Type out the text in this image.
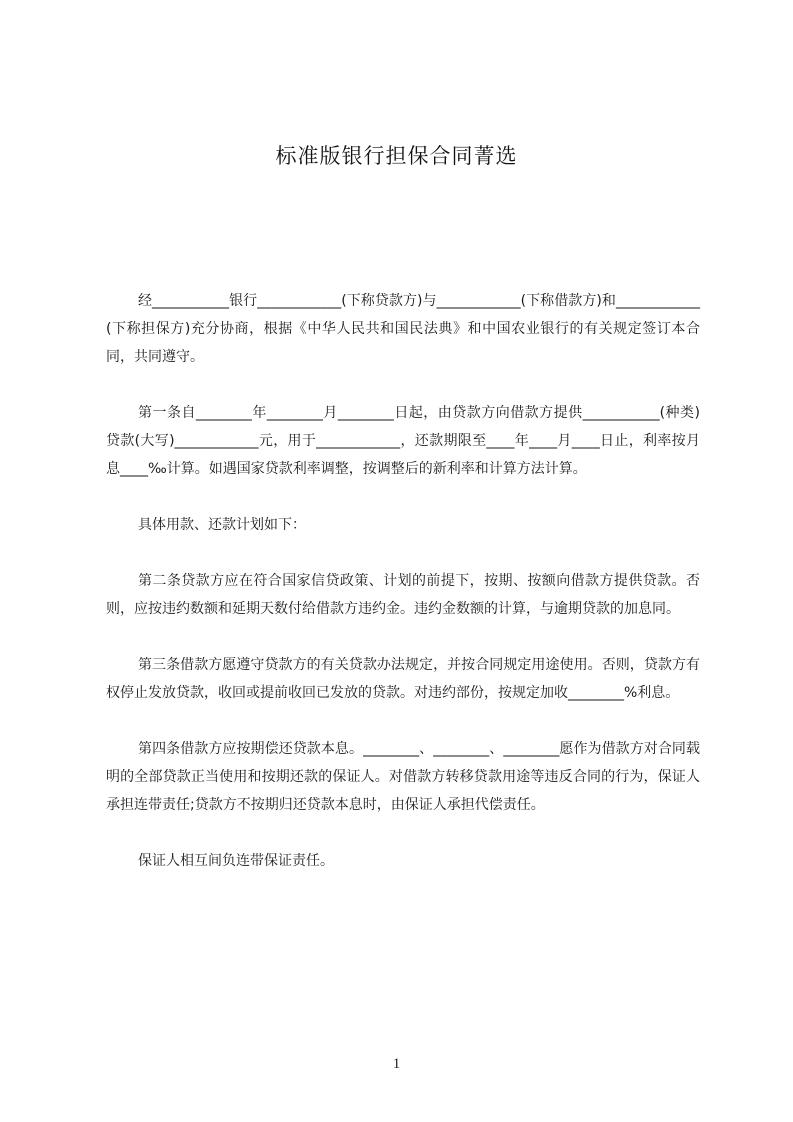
标准版银行担保合同菁选

经___________银行____________(下称贷款方)与____________(下称借款方)和____________(下称担保方)充分协商，根据《中华人民共和国民法典》和中国农业银行的有关规定签订本合同，共同遵守。

第一条自________年________月________日起，由贷款方向借款方提供___________(种类)贷款(大写)____________元，用于____________，还款期限至____年____月____日止，利率按月息____‰计算。如遇国家贷款利率调整，按调整后的新利率和计算方法计算。

具体用款、还款计划如下：

第二条贷款方应在符合国家信贷政策、计划的前提下，按期、按额向借款方提供贷款。否则，应按违约数额和延期天数付给借款方违约金。违约金数额的计算，与逾期贷款的加息同。

第三条借款方愿遵守贷款方的有关贷款办法规定，并按合同规定用途使用。否则，贷款方有权停止发放贷款，收回或提前收回已发放的贷款。对违约部份，按规定加收________%利息。

第四条借款方应按期偿还贷款本息。________、________、________愿作为借款方对合同载明的全部贷款正当使用和按期还款的保证人。对借款方转移贷款用途等违反合同的行为，保证人承担连带责任;贷款方不按期归还贷款本息时，由保证人承担代偿责任。

保证人相互间负连带保证责任。

1
